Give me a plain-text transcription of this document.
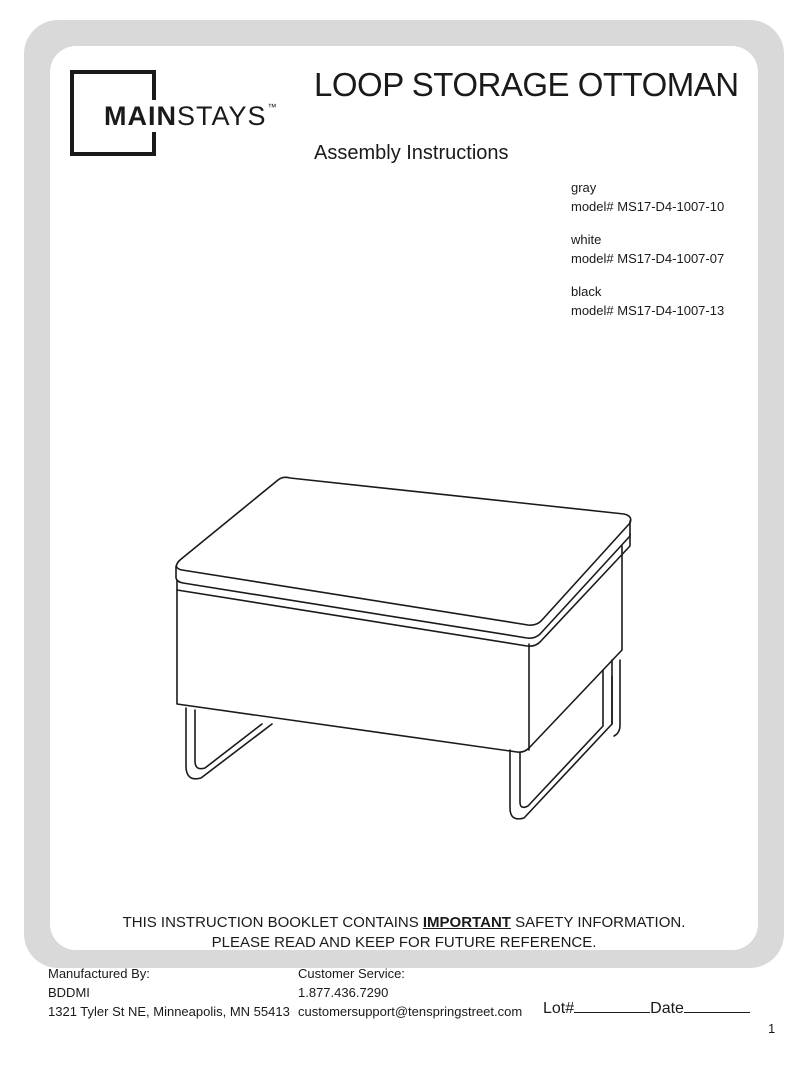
MAINSTAYS™
LOOP STORAGE OTTOMAN
Assembly Instructions
gray
model# MS17-D4-1007-10
white
model# MS17-D4-1007-07
black
model# MS17-D4-1007-13
THIS INSTRUCTION BOOKLET CONTAINS IMPORTANT SAFETY INFORMATION.
PLEASE READ AND KEEP FOR FUTURE REFERENCE.
Manufactured By:
BDDMI
1321 Tyler St NE, Minneapolis, MN 55413
Customer Service:
1.877.436.7290
customersupport@tenspringstreet.com Lot#	Date
1
